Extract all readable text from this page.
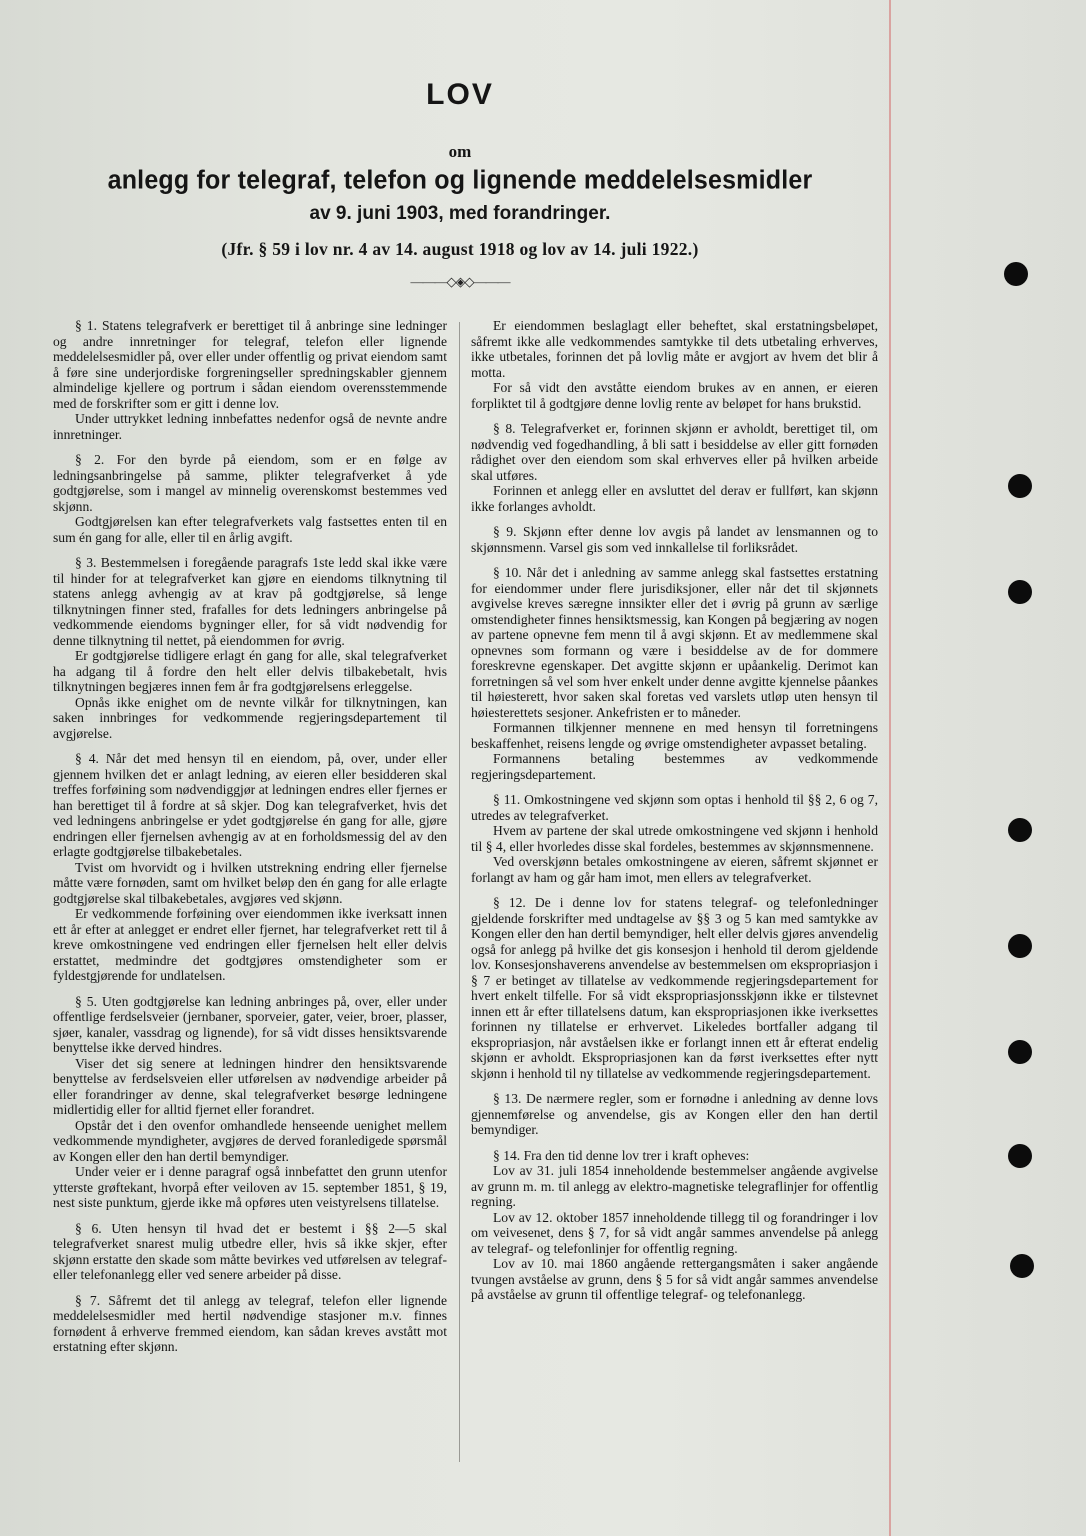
LOV
om
anlegg for telegraf, telefon og lignende meddelelsesmidler
av 9. juni 1903, med forandringer.
(Jfr. § 59 i lov nr. 4 av 14. august 1918 og lov av 14. juli 1922.)
———◇◈◇———

§ 1. Statens telegrafverk er berettiget til å anbringe sine ledninger og andre innretninger for telegraf, telefon eller lignende meddelelsesmidler på, over eller under offentlig og privat eiendom samt å føre sine underjordiske forgreningseller spredningskabler gjennem almindelige kjellere og portrum i sådan eiendom overensstemmende med de forskrifter som er gitt i denne lov.

Under uttrykket ledning innbefattes nedenfor også de nevnte andre innretninger.

§ 2. For den byrde på eiendom, som er en følge av ledningsanbringelse på samme, plikter telegrafverket å yde godtgjørelse, som i mangel av minnelig overenskomst bestemmes ved skjønn.

Godtgjørelsen kan efter telegrafverkets valg fastsettes enten til en sum én gang for alle, eller til en årlig avgift.

§ 3. Bestemmelsen i foregående paragrafs 1ste ledd skal ikke være til hinder for at telegrafverket kan gjøre en eiendoms tilknytning til statens anlegg avhengig av at krav på godtgjørelse, så lenge tilknytningen finner sted, frafalles for dets ledningers anbringelse på vedkommende eiendoms bygninger eller, for så vidt nødvendig for denne tilknytning til nettet, på eiendommen for øvrig.

Er godtgjørelse tidligere erlagt én gang for alle, skal telegrafverket ha adgang til å fordre den helt eller delvis tilbakebetalt, hvis tilknytningen begjæres innen fem år fra godtgjørelsens erleggelse.

Opnås ikke enighet om de nevnte vilkår for tilknytningen, kan saken innbringes for vedkommende regjeringsdepartement til avgjørelse.

§ 4. Når det med hensyn til en eiendom, på, over, under eller gjennem hvilken det er anlagt ledning, av eieren eller besidderen skal treffes forføining som nødvendiggjør at ledningen endres eller fjernes er han berettiget til å fordre at så skjer. Dog kan telegrafverket, hvis det ved ledningens anbringelse er ydet godtgjørelse én gang for alle, gjøre endringen eller fjernelsen avhengig av at en forholdsmessig del av den erlagte godtgjørelse tilbakebetales.

Tvist om hvorvidt og i hvilken utstrekning endring eller fjernelse måtte være fornøden, samt om hvilket beløp den én gang for alle erlagte godtgjørelse skal tilbakebetales, avgjøres ved skjønn.

Er vedkommende forføining over eiendommen ikke iverksatt innen ett år efter at anlegget er endret eller fjernet, har telegrafverket rett til å kreve omkostningene ved endringen eller fjernelsen helt eller delvis erstattet, medmindre det godtgjøres omstendigheter som er fyldestgjørende for undlatelsen.

§ 5. Uten godtgjørelse kan ledning anbringes på, over, eller under offentlige ferdselsveier (jernbaner, sporveier, gater, veier, broer, plasser, sjøer, kanaler, vassdrag og lignende), for så vidt disses hensiktsvarende benyttelse ikke derved hindres.

Viser det sig senere at ledningen hindrer den hensiktsvarende benyttelse av ferdselsveien eller utførelsen av nødvendige arbeider på eller forandringer av denne, skal telegrafverket besørge ledningene midlertidig eller for alltid fjernet eller forandret.

Opstår det i den ovenfor omhandlede henseende uenighet mellem vedkommende myndigheter, avgjøres de derved foranledigede spørsmål av Kongen eller den han dertil bemyndiger.

Under veier er i denne paragraf også innbefattet den grunn utenfor ytterste grøftekant, hvorpå efter veiloven av 15. september 1851, § 19, nest siste punktum, gjerde ikke må opføres uten veistyrelsens tillatelse.

§ 6. Uten hensyn til hvad det er bestemt i §§ 2—5 skal telegrafverket snarest mulig utbedre eller, hvis så ikke skjer, efter skjønn erstatte den skade som måtte bevirkes ved utførelsen av telegraf- eller telefonanlegg eller ved senere arbeider på disse.

§ 7. Såfremt det til anlegg av telegraf, telefon eller lignende meddelelsesmidler med hertil nødvendige stasjoner m.v. finnes fornødent å erhverve fremmed eiendom, kan sådan kreves avstått mot erstatning efter skjønn.

Er eiendommen beslaglagt eller beheftet, skal erstatningsbeløpet, såfremt ikke alle vedkommendes samtykke til dets utbetaling erhverves, ikke utbetales, forinnen det på lovlig måte er avgjort av hvem det blir å motta.

For så vidt den avståtte eiendom brukes av en annen, er eieren forpliktet til å godtgjøre denne lovlig rente av beløpet for hans brukstid.

§ 8. Telegrafverket er, forinnen skjønn er avholdt, berettiget til, om nødvendig ved fogedhandling, å bli satt i besiddelse av eller gitt fornøden rådighet over den eiendom som skal erhverves eller på hvilken arbeide skal utføres.

Forinnen et anlegg eller en avsluttet del derav er fullført, kan skjønn ikke forlanges avholdt.

§ 9. Skjønn efter denne lov avgis på landet av lensmannen og to skjønnsmenn. Varsel gis som ved innkallelse til forliksrådet.

§ 10. Når det i anledning av samme anlegg skal fastsettes erstatning for eiendommer under flere jurisdiksjoner, eller når det til skjønnets avgivelse kreves særegne innsikter eller det i øvrig på grunn av særlige omstendigheter finnes hensiktsmessig, kan Kongen på begjæring av nogen av partene opnevne fem menn til å avgi skjønn. Et av medlemmene skal opnevnes som formann og være i besiddelse av de for dommere foreskrevne egenskaper. Det avgitte skjønn er upåankelig. Derimot kan forretningen så vel som hver enkelt under denne avgitte kjennelse påankes til høiesterett, hvor saken skal foretas ved varslets utløp uten hensyn til høiesterettets sesjoner. Ankefristen er to måneder.

Formannen tilkjenner mennene en med hensyn til forretningens beskaffenhet, reisens lengde og øvrige omstendigheter avpasset betaling.

Formannens betaling bestemmes av vedkommende regjeringsdepartement.

§ 11. Omkostningene ved skjønn som optas i henhold til §§ 2, 6 og 7, utredes av telegrafverket.

Hvem av partene der skal utrede omkostningene ved skjønn i henhold til § 4, eller hvorledes disse skal fordeles, bestemmes av skjønnsmennene.

Ved overskjønn betales omkostningene av eieren, såfremt skjønnet er forlangt av ham og går ham imot, men ellers av telegrafverket.

§ 12. De i denne lov for statens telegraf- og telefonledninger gjeldende forskrifter med undtagelse av §§ 3 og 5 kan med samtykke av Kongen eller den han dertil bemyndiger, helt eller delvis gjøres anvendelig også for anlegg på hvilke det gis konsesjon i henhold til derom gjeldende lov. Konsesjonshaverens anvendelse av bestemmelsen om ekspropriasjon i § 7 er betinget av tillatelse av vedkommende regjeringsdepartement for hvert enkelt tilfelle. For så vidt ekspropriasjonsskjønn ikke er tilstevnet innen ett år efter tillatelsens datum, kan ekspropriasjonen ikke iverksettes forinnen ny tillatelse er erhvervet. Likeledes bortfaller adgang til ekspropriasjon, når avståelsen ikke er forlangt innen ett år efterat endelig skjønn er avholdt. Ekspropriasjonen kan da først iverksettes efter nytt skjønn i henhold til ny tillatelse av vedkommende regjeringsdepartement.

§ 13. De nærmere regler, som er fornødne i anledning av denne lovs gjennemførelse og anvendelse, gis av Kongen eller den han dertil bemyndiger.

§ 14. Fra den tid denne lov trer i kraft opheves:

Lov av 31. juli 1854 inneholdende bestemmelser angående avgivelse av grunn m. m. til anlegg av elektro-magnetiske telegraflinjer for offentlig regning.

Lov av 12. oktober 1857 inneholdende tillegg til og forandringer i lov om veivesenet, dens § 7, for så vidt angår sammes anvendelse på anlegg av telegraf- og telefonlinjer for offentlig regning.

Lov av 10. mai 1860 angående rettergangsmåten i saker angående tvungen avståelse av grunn, dens § 5 for så vidt angår sammes anvendelse på avståelse av grunn til offentlige telegraf- og telefonanlegg.
